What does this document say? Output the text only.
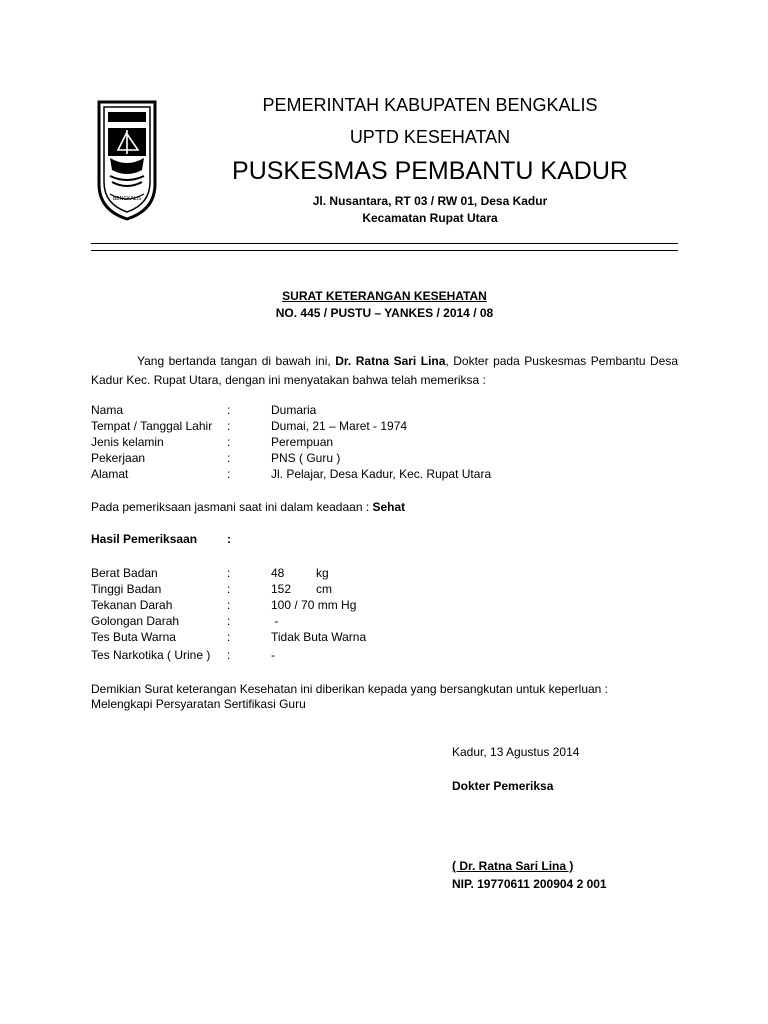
BENGKALIS
PEMERINTAH KABUPATEN BENGKALIS
UPTD KESEHATAN
PUSKESMAS PEMBANTU KADUR
Jl. Nusantara, RT 03 / RW 01, Desa Kadur
Kecamatan Rupat Utara
SURAT KETERANGAN KESEHATAN
NO. 445 / PUSTU – YANKES / 2014 / 08
Yang bertanda tangan di bawah ini, Dr. Ratna Sari Lina, Dokter pada Puskesmas Pembantu Desa Kadur Kec. Rupat Utara, dengan ini menyatakan bahwa telah memeriksa :
Nama	:	Dumaria
Tempat / Tanggal Lahir :	Dumai, 21 – Maret - 1974
Jenis kelamin	:	Perempuan
Pekerjaan	:	PNS ( Guru )
Alamat	:	Jl. Pelajar, Desa Kadur, Kec. Rupat Utara
Pada pemeriksaan jasmani saat ini dalam keadaan : Sehat
Hasil Pemeriksaan :
Berat Badan	:	48	kg
Tinggi Badan	:	152 cm
Tekanan Darah	:	100 / 70 mm Hg
Golongan Darah	:	-
Tes Buta Warna	:	Tidak Buta Warna
Tes Narkotika ( Urine ) :	-
Demikian Surat keterangan Kesehatan ini diberikan kepada yang bersangkutan untuk keperluan :
Melengkapi Persyaratan Sertifikasi Guru
Kadur, 13 Agustus 2014
Dokter Pemeriksa
( Dr. Ratna Sari Lina )
NIP. 19770611 200904 2 001
